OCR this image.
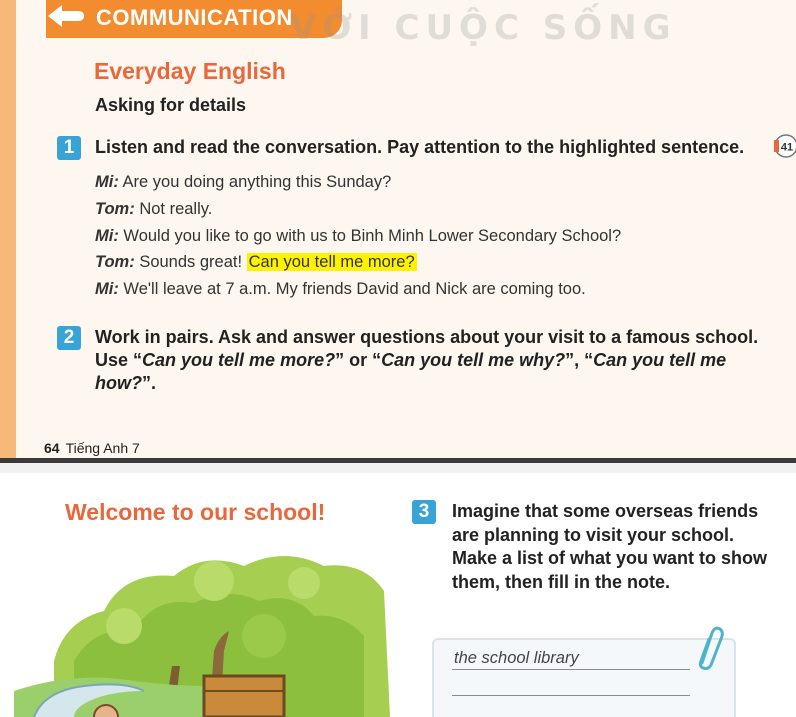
COMMUNICATION
VỚI CUỘC SỐNG
Everyday English
Asking for details
1	Listen and read the conversation. Pay attention to the highlighted sentence.	41
Mi: Are you doing anything this Sunday?
Tom: Not really.
Mi: Would you like to go with us to Binh Minh Lower Secondary School?
Tom: Sounds great! Can you tell me more?
Mi: We'll leave at 7 a.m. My friends David and Nick are coming too.
2	Work in pairs. Ask and answer questions about your visit to a famous school. Use “Can you tell me more?” or “Can you tell me why?”, “Can you tell me how?”.
64 Tiếng Anh 7
Welcome to our school!	3	Imagine that some overseas friends are planning to visit your school. Make a list of what you want to show them, then fill in the note.
the school library
